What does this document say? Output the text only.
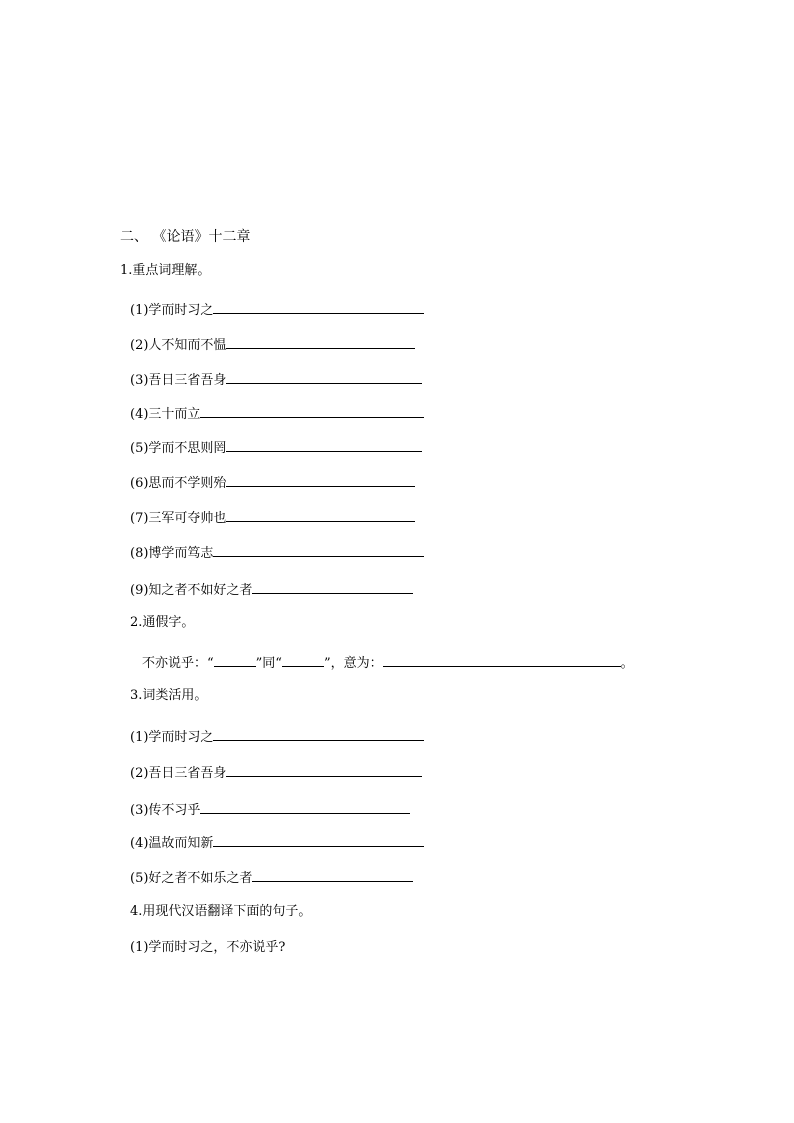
二、 《论语》十二章
1.重点词理解。
(1)学而时习之
(2)人不知而不愠
(3)吾日三省吾身
(4)三十而立
(5)学而不思则罔
(6)思而不学则殆
(7)三军可夺帅也
(8)博学而笃志
(9)知之者不如好之者
2.通假字。
不亦说乎：“	”同“	”，意为：	。
3.词类活用。
(1)学而时习之
(2)吾日三省吾身
(3)传不习乎
(4)温故而知新
(5)好之者不如乐之者
4.用现代汉语翻译下面的句子。
(1)学而时习之，不亦说乎?
